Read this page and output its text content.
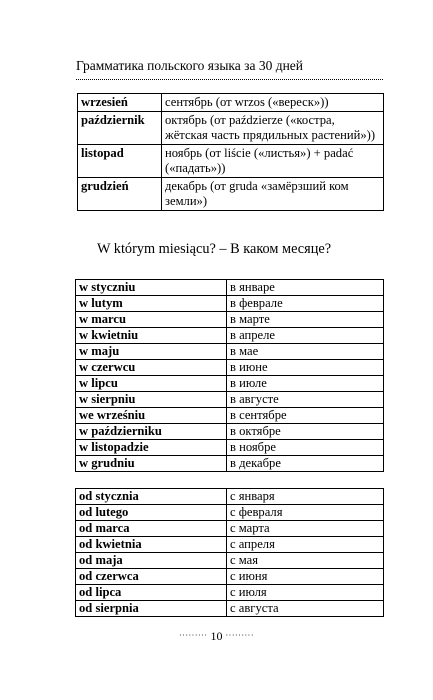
Грамматика польского языка за 30 дней
wrzesień	сентябрь (от wrzos («вереск»))
październik	октябрь (от paździerze («костра, жётская часть прядильных растений»))
listopad	ноябрь (от liście («листья») + padać («падать»))
grudzień	декабрь (от gruda «замёрзший ком земли»)
W którym miesiącu? – В каком месяце?
w styczniu	в январе
w lutym	в феврале
w marcu	в марте
w kwietniu	в апреле
w maju	в мае
w czerwcu	в июне
w lipcu	в июле
w sierpniu	в августе
we wrześniu	в сентябре
w październiku	в октябре
w listopadzie	в ноябре
w grudniu	в декабре
od stycznia	с января
od lutego	с февраля
od marca	с марта
od kwietnia	с апреля
od maja	с мая
od czerwca	с июня
od lipca	с июля
od sierpnia	с августа
········· 10 ·········
